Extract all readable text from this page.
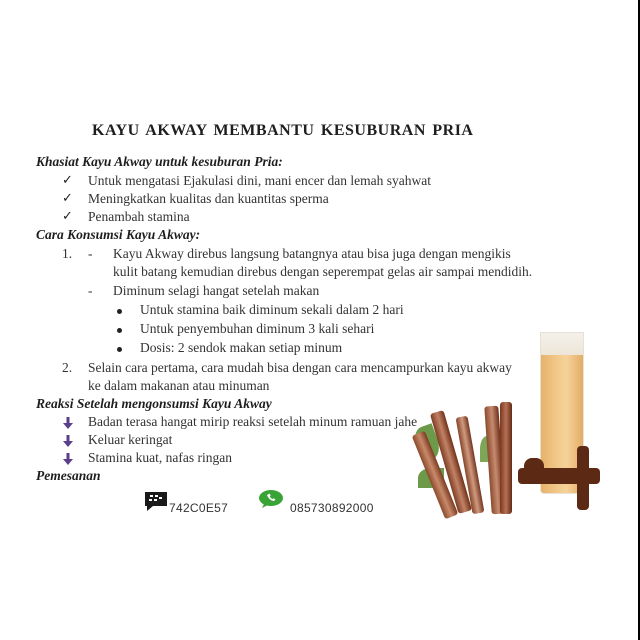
KAYU AKWAY MEMBANTU KESUBURAN PRIA
Khasiat Kayu Akway untuk kesuburan Pria:
✓ Untuk mengatasi Ejakulasi dini, mani encer dan lemah syahwat
✓ Meningkatkan kualitas dan kuantitas sperma
✓ Penambah stamina
Cara Konsumsi Kayu Akway:
1. - Kayu Akway direbus langsung batangnya atau bisa juga dengan mengikis
kulit batang kemudian direbus dengan seperempat gelas air sampai mendidih.
- Diminum selagi hangat setelah makan
Untuk stamina baik diminum sekali dalam 2 hari
Untuk penyembuhan diminum 3 kali sehari
Dosis: 2 sendok makan setiap minum
2. Selain cara pertama, cara mudah bisa dengan cara mencampurkan kayu akway
ke dalam makanan atau minuman
Reaksi Setelah mengonsumsi Kayu Akway
Badan terasa hangat mirip reaksi setelah minum ramuan jahe
Keluar keringat
Stamina kuat, nafas ringan
Pemesanan
742C0E57	085730892000
